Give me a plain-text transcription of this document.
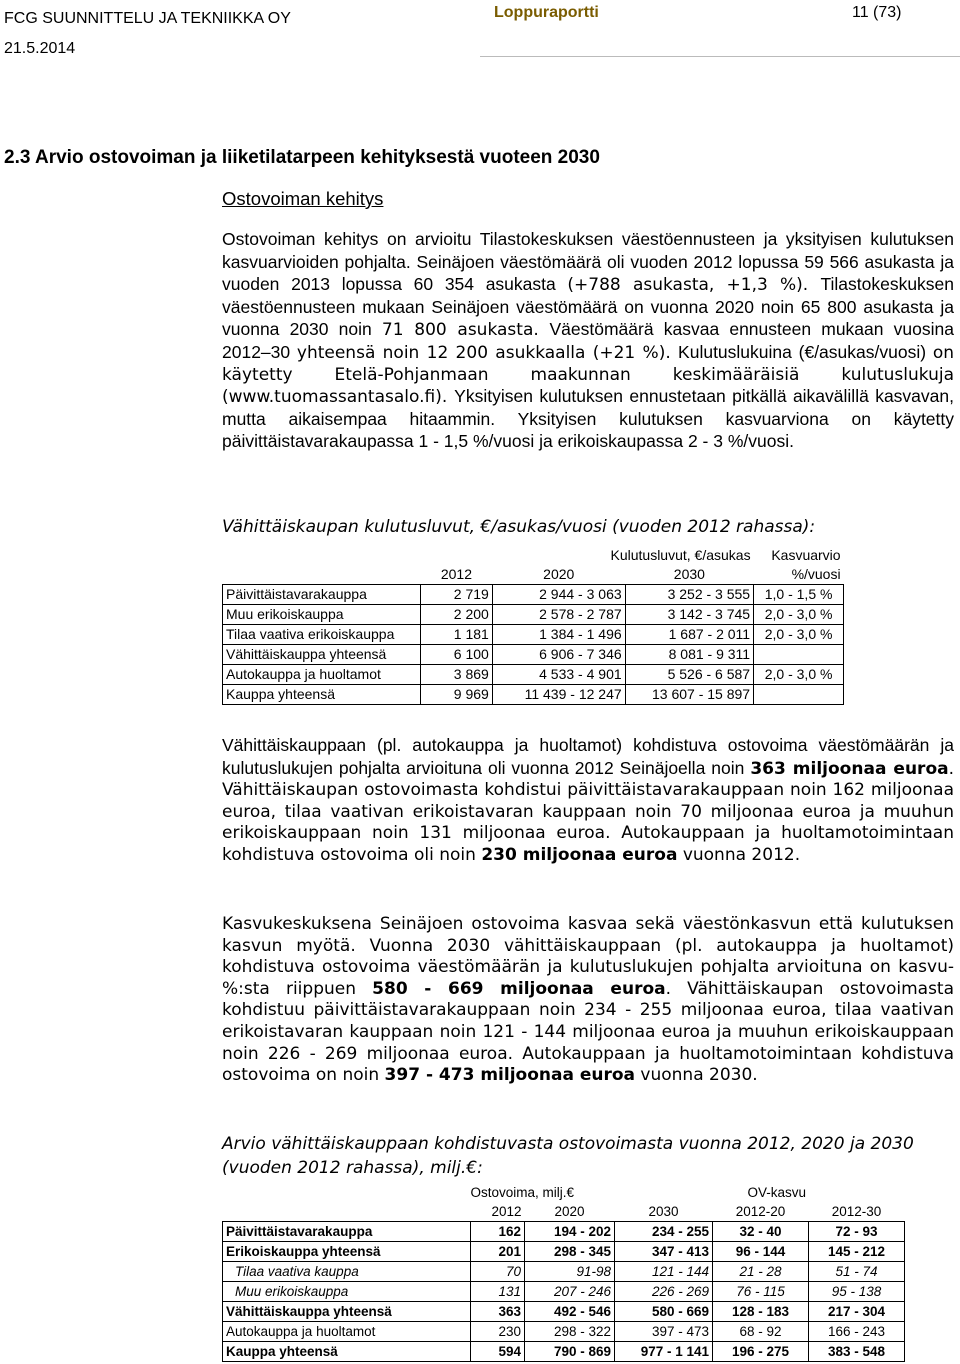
FCG SUUNNITTELU JA TEKNIIKKA OY
21.5.2014
Loppuraportti	11 (73)
2.3 Arvio ostovoiman ja liiketilatarpeen kehityksestä vuoteen 2030
Ostovoiman kehitys

Ostovoiman kehitys on arvioitu Tilastokeskuksen väestöennusteen ja yksityisen kulutuksen kasvuarvioiden pohjalta. Seinäjoen väestömäärä oli vuoden 2012 lopussa 59 566 asukasta ja vuoden 2013 lopussa 60 354 asukasta (+788 asukasta, +1,3 %). Tilastokeskuksen väestöennusteen mukaan Seinäjoen väestömäärä on vuonna 2020 noin 65 800 asukasta ja vuonna 2030 noin 71 800 asukasta. Väestömäärä kasvaa ennusteen mukaan vuosina 2012–30 yhteensä noin 12 200 asukkaalla (+21 %). Kulutuslukuina (€/asukas/vuosi) on käytetty Etelä-Pohjanmaan maakunnan keskimääräisiä kulutuslukuja (www.tuomassantasalo.fi). Yksityisen kulutuksen ennustetaan pitkällä aikavälillä kasvavan, mutta aikaisempaa hitaammin. Yksityisen kulutuksen kasvuarviona on käytetty päivittäistavarakaupassa 1 - 1,5 %/vuosi ja erikoiskaupassa 2 - 3 %/vuosi.

Vähittäiskaupan kulutusluvut, €/asukas/vuosi (vuoden 2012 rahassa):

	Kulutusluvut, €/asukas			Kasvuarvio
	2012	2020	2030	%/vuosi
Päivittäistavarakauppa	2 719	2 944 - 3 063	3 252 - 3 555	1,0 - 1,5 %
Muu erikoiskauppa	2 200	2 578 - 2 787	3 142 - 3 745	2,0 - 3,0 %
Tilaa vaativa erikoiskauppa	1 181	1 384 - 1 496	1 687 - 2 011	2,0 - 3,0 %
Vähittäiskauppa yhteensä	6 100	6 906 - 7 346	8 081 - 9 311	
Autokauppa ja huoltamot	3 869	4 533 - 4 901	5 526 - 6 587	2,0 - 3,0 %
Kauppa yhteensä	9 969	11 439 - 12 247	13 607 - 15 897	

Vähittäiskauppaan (pl. autokauppa ja huoltamot) kohdistuva ostovoima väestömäärän ja kulutuslukujen pohjalta arvioituna oli vuonna 2012 Seinäjoella noin 363 miljoonaa euroa. Vähittäiskaupan ostovoimasta kohdistui päivittäistavarakauppaan noin 162 miljoonaa euroa, tilaa vaativan erikoistavaran kauppaan noin 70 miljoonaa euroa ja muuhun erikoiskauppaan noin 131 miljoonaa euroa. Autokauppaan ja huoltamotoimintaan kohdistuva ostovoima oli noin 230 miljoonaa euroa vuonna 2012.

Kasvukeskuksena Seinäjoen ostovoima kasvaa sekä väestönkasvun että kulutuksen kasvun myötä. Vuonna 2030 vähittäiskauppaan (pl. autokauppa ja huoltamot) kohdistuva ostovoima väestömäärän ja kulutuslukujen pohjalta arvioituna on kasvu-%:sta riippuen 580 - 669 miljoonaa euroa. Vähittäiskaupan ostovoimasta kohdistuu päivittäistavarakauppaan noin 234 - 255 miljoonaa euroa, tilaa vaativan erikoistavaran kauppaan noin 121 - 144 miljoonaa euroa ja muuhun erikoiskauppaan noin 226 - 269 miljoonaa euroa. Autokauppaan ja huoltamotoimintaan kohdistuva ostovoima on noin 397 - 473 miljoonaa euroa vuonna 2030.

Arvio vähittäiskauppaan kohdistuvasta ostovoimasta vuonna 2012, 2020 ja 2030 (vuoden 2012 rahassa), milj.€:

	Ostovoima, milj.€			OV-kasvu	
	2012	2020	2030	2012-20	2012-30
Päivittäistavarakauppa	162	194 - 202	234 - 255	32 - 40	72 - 93
Erikoiskauppa yhteensä	201	298 - 345	347 - 413	96 - 144	145 - 212
Tilaa vaativa kauppa	70	91-98	121 - 144	21 - 28	51 - 74
Muu erikoiskauppa	131	207 - 246	226 - 269	76 - 115	95 - 138
Vähittäiskauppa yhteensä	363	492 - 546	580 - 669	128 - 183	217 - 304
Autokauppa ja huoltamot	230	298 - 322	397 - 473	68 - 92	166 - 243
Kauppa yhteensä	594	790 - 869	977 - 1 141	196 - 275	383 - 548
